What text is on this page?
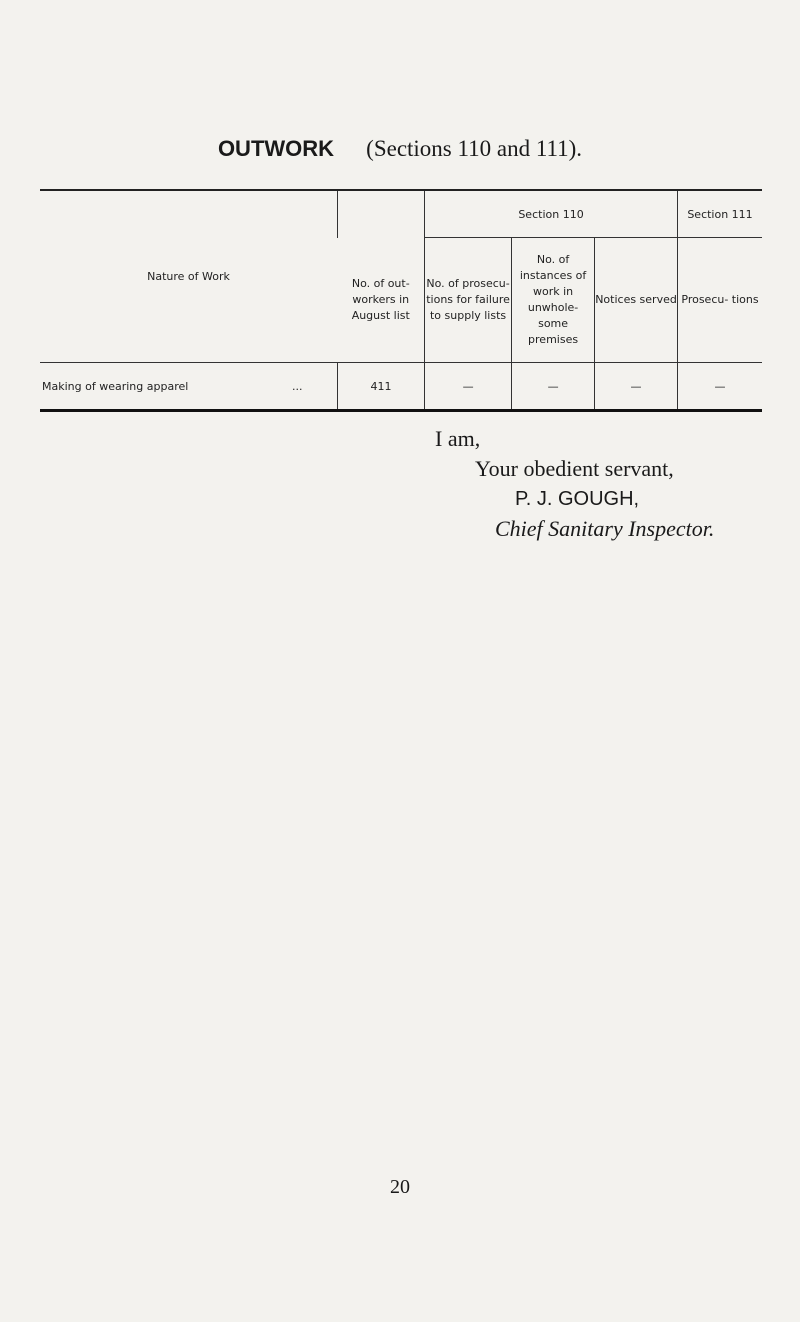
OUTWORK (Sections 110 and 111).
Nature of Work		Section 110			Section 111
	No. of out- workers in August list	No. of prosecu- tions for failure to supply lists	No. of instances of work in unwhole- some premises	Notices served	Prosecu- tions
Making of wearing apparel ...	411	—	—	—	—
I am,
Your obedient servant,
P. J. GOUGH,
Chief Sanitary Inspector.
20
